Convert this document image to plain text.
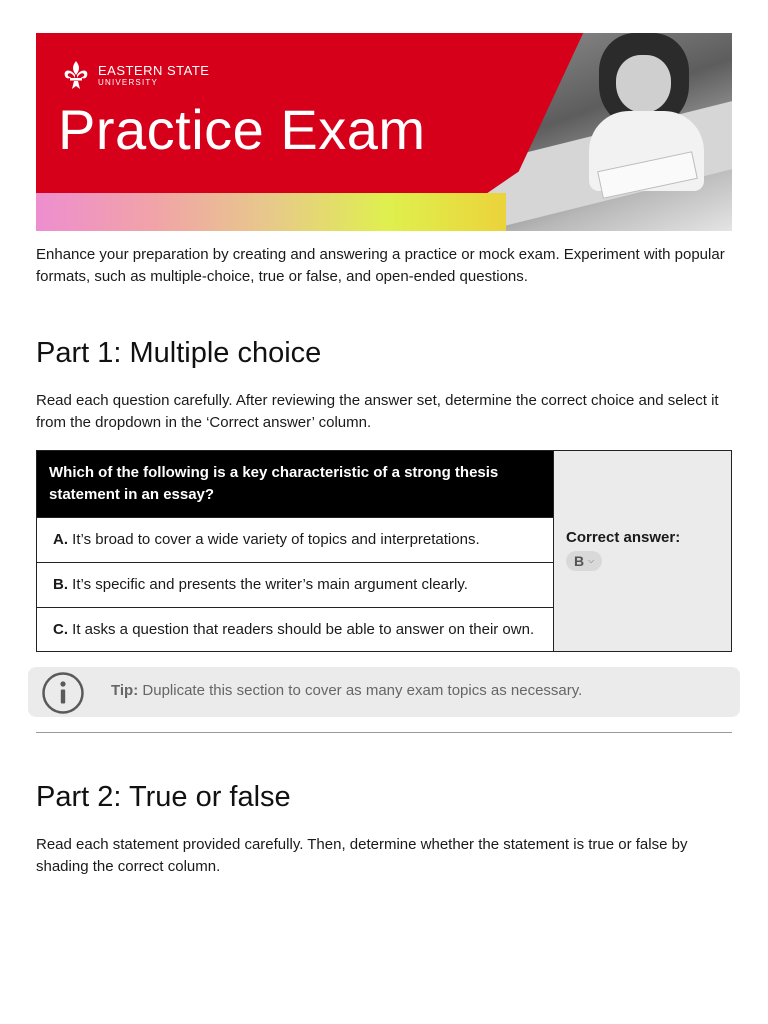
EASTERN STATE
UNIVERSITY
Practice Exam

Enhance your preparation by creating and answering a practice or mock exam. Experiment with popular formats, such as multiple-choice, true or false, and open-ended questions.

Part 1: Multiple choice

Read each question carefully. After reviewing the answer set, determine the correct choice and select it from the dropdown in the ‘Correct answer’ column.

Which of the following is a key characteristic of a strong thesis statement in an essay?
A. It’s broad to cover a wide variety of topics and interpretations.
B. It’s specific and presents the writer’s main argument clearly.
C. It asks a question that readers should be able to answer on their own.
Correct answer:
B ⌵
Tip: Duplicate this section to cover as many exam topics as necessary.
Part 2: True or false

Read each statement provided carefully. Then, determine whether the statement is true or false by shading the correct column.
